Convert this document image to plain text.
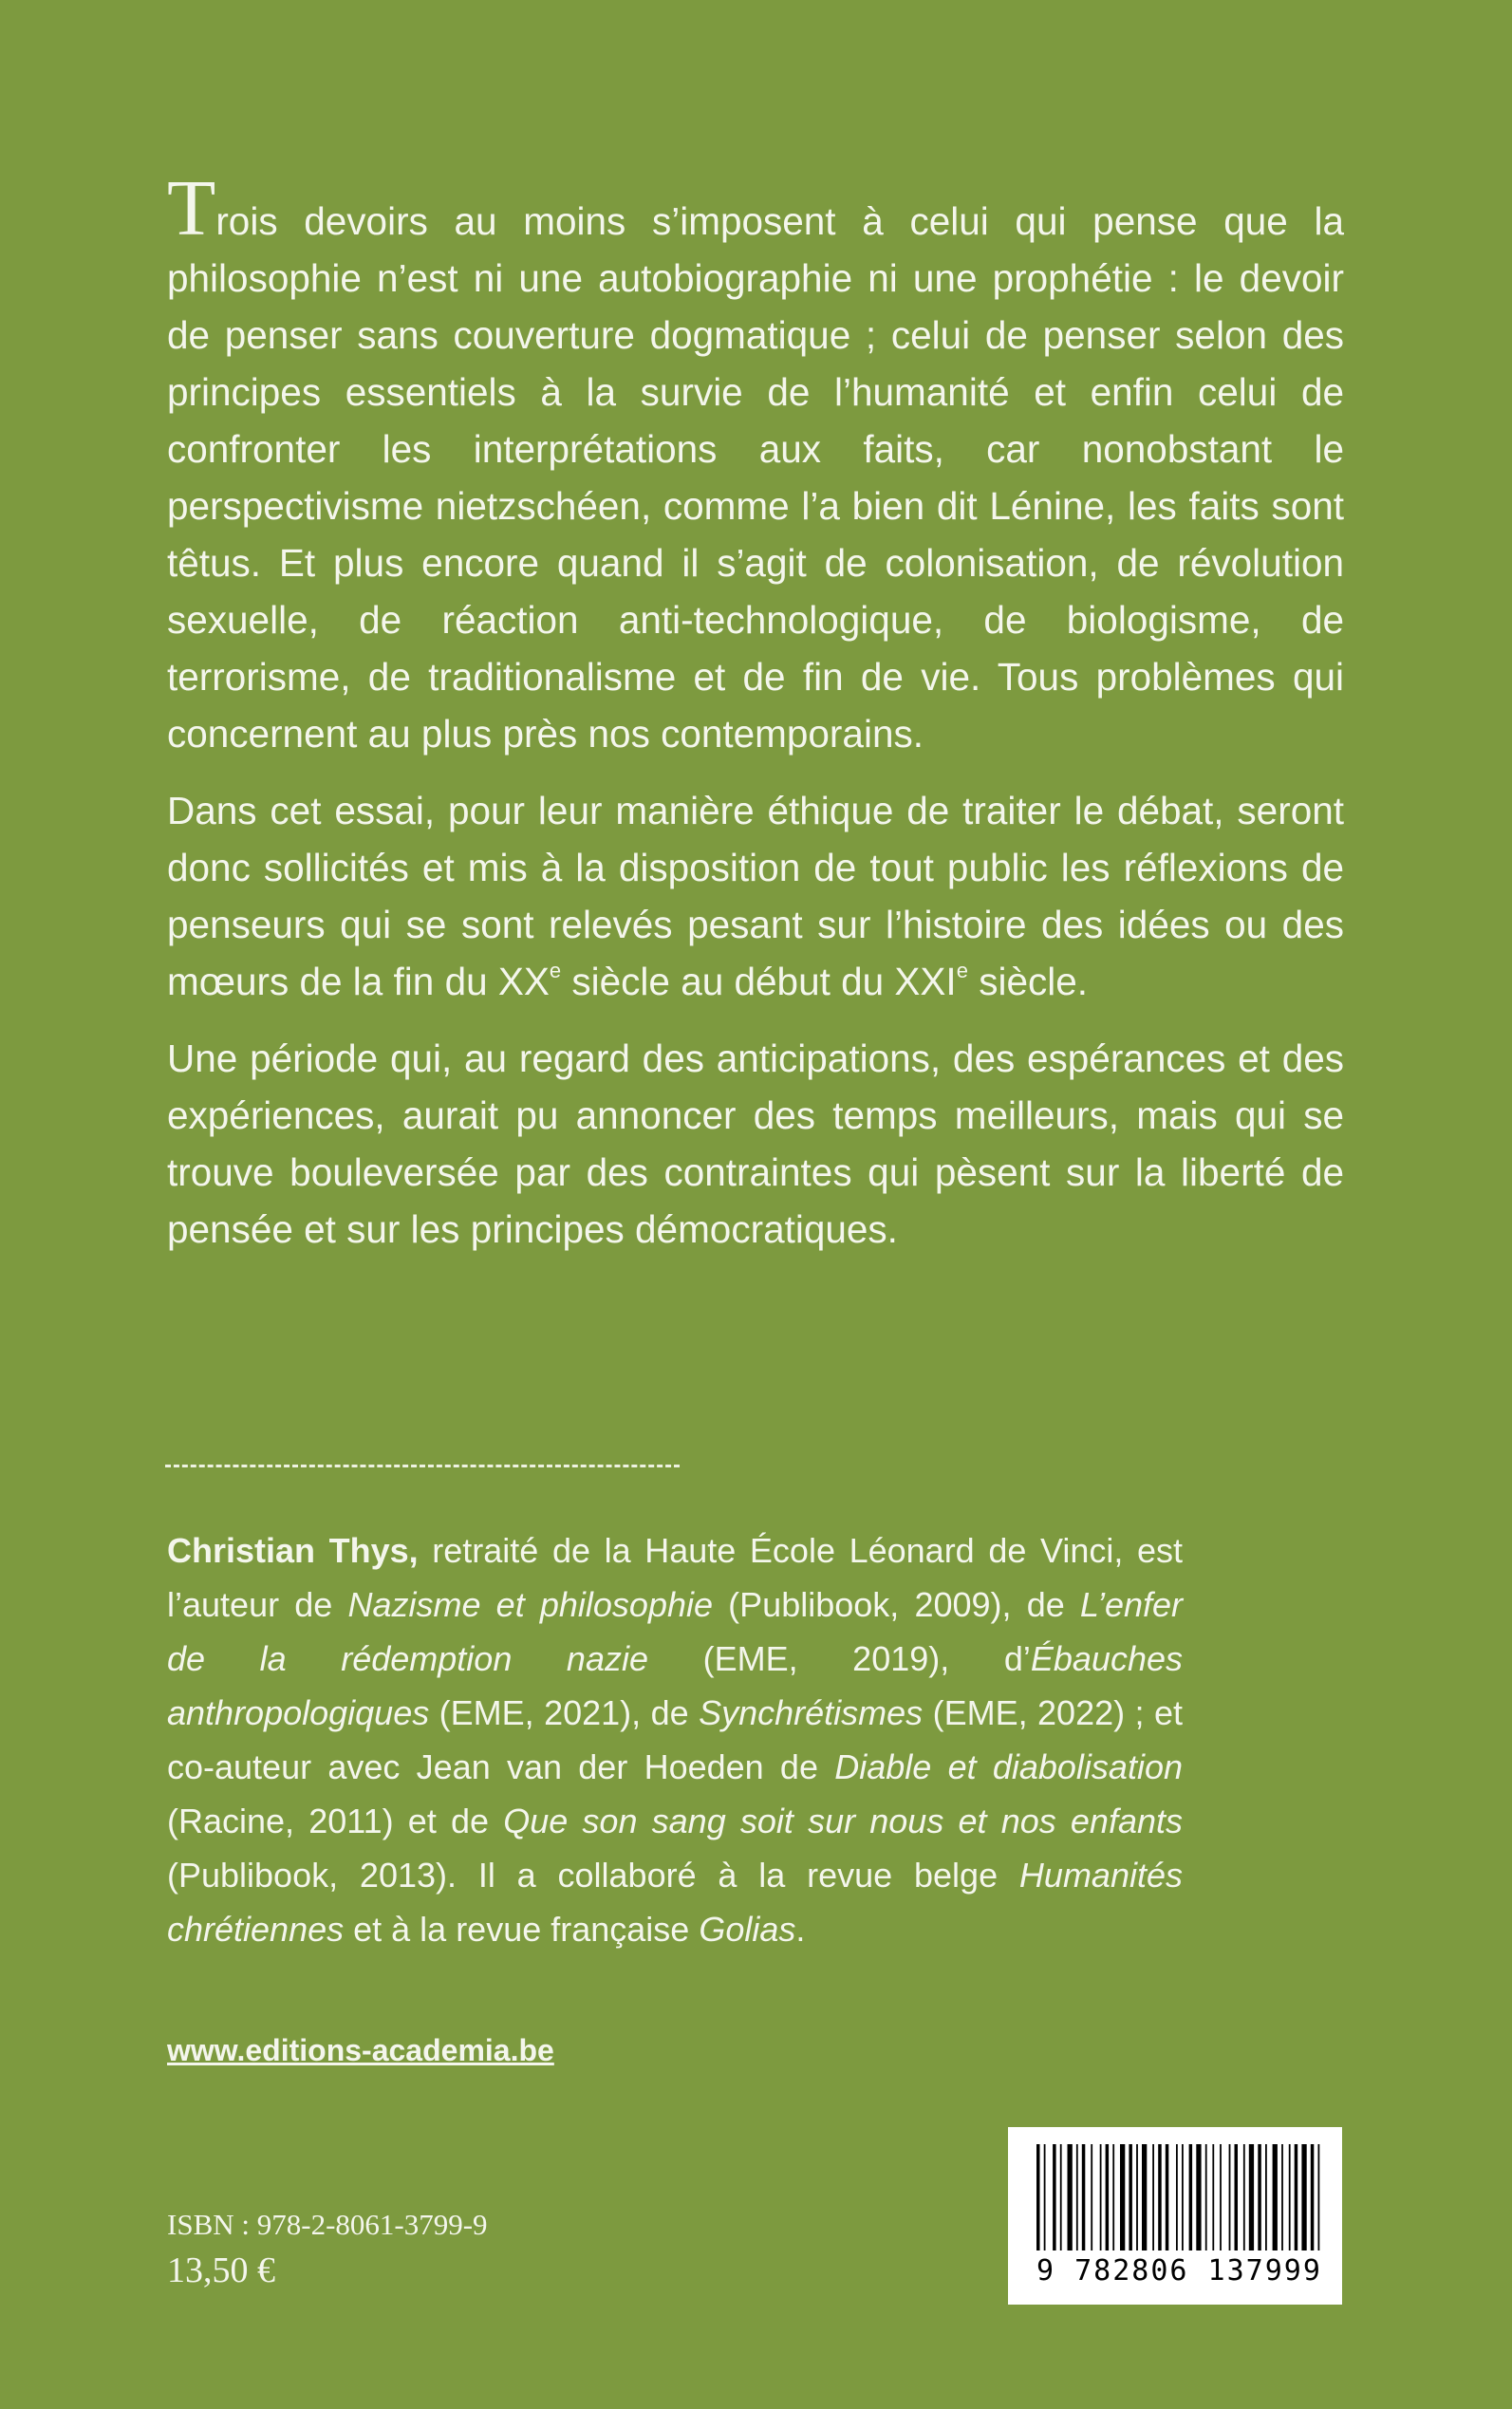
Trois devoirs au moins s’imposent à celui qui pense que la philosophie n’est ni une autobiographie ni une prophétie : le devoir de penser sans couverture dogmatique ; celui de penser selon des principes essentiels à la survie de l’humanité et enfin celui de confronter les interprétations aux faits, car nonobstant le perspectivisme nietzschéen, comme l’a bien dit Lénine, les faits sont têtus. Et plus encore quand il s’agit de colonisation, de révolution sexuelle, de réaction anti-technologique, de biologisme, de terrorisme, de traditionalisme et de fin de vie. Tous problèmes qui concernent au plus près nos contemporains.

Dans cet essai, pour leur manière éthique de traiter le débat, seront donc sollicités et mis à la disposition de tout public les réflexions de penseurs qui se sont relevés pesant sur l’histoire des idées ou des mœurs de la fin du XXe siècle au début du XXIe siècle.

Une période qui, au regard des anticipations, des espérances et des expériences, aurait pu annoncer des temps meilleurs, mais qui se trouve bouleversée par des contraintes qui pèsent sur la liberté de pensée et sur les principes démocratiques.

Christian Thys, retraité de la Haute École Léonard de Vinci, est l’auteur de Nazisme et philosophie (Publibook, 2009), de L’enfer de la rédemption nazie (EME, 2019), d’Ébauches anthropologiques (EME, 2021), de Synchrétismes (EME, 2022) ; et co-auteur avec Jean van der Hoeden de Diable et diabolisation (Racine, 2011) et de Que son sang soit sur nous et nos enfants (Publibook, 2013). Il a collaboré à la revue belge Humanités chrétiennes et à la revue française Golias.

www.editions-academia.be
ISBN : 978-2-8061-3799-9
13,50 €	9 782806 137999
